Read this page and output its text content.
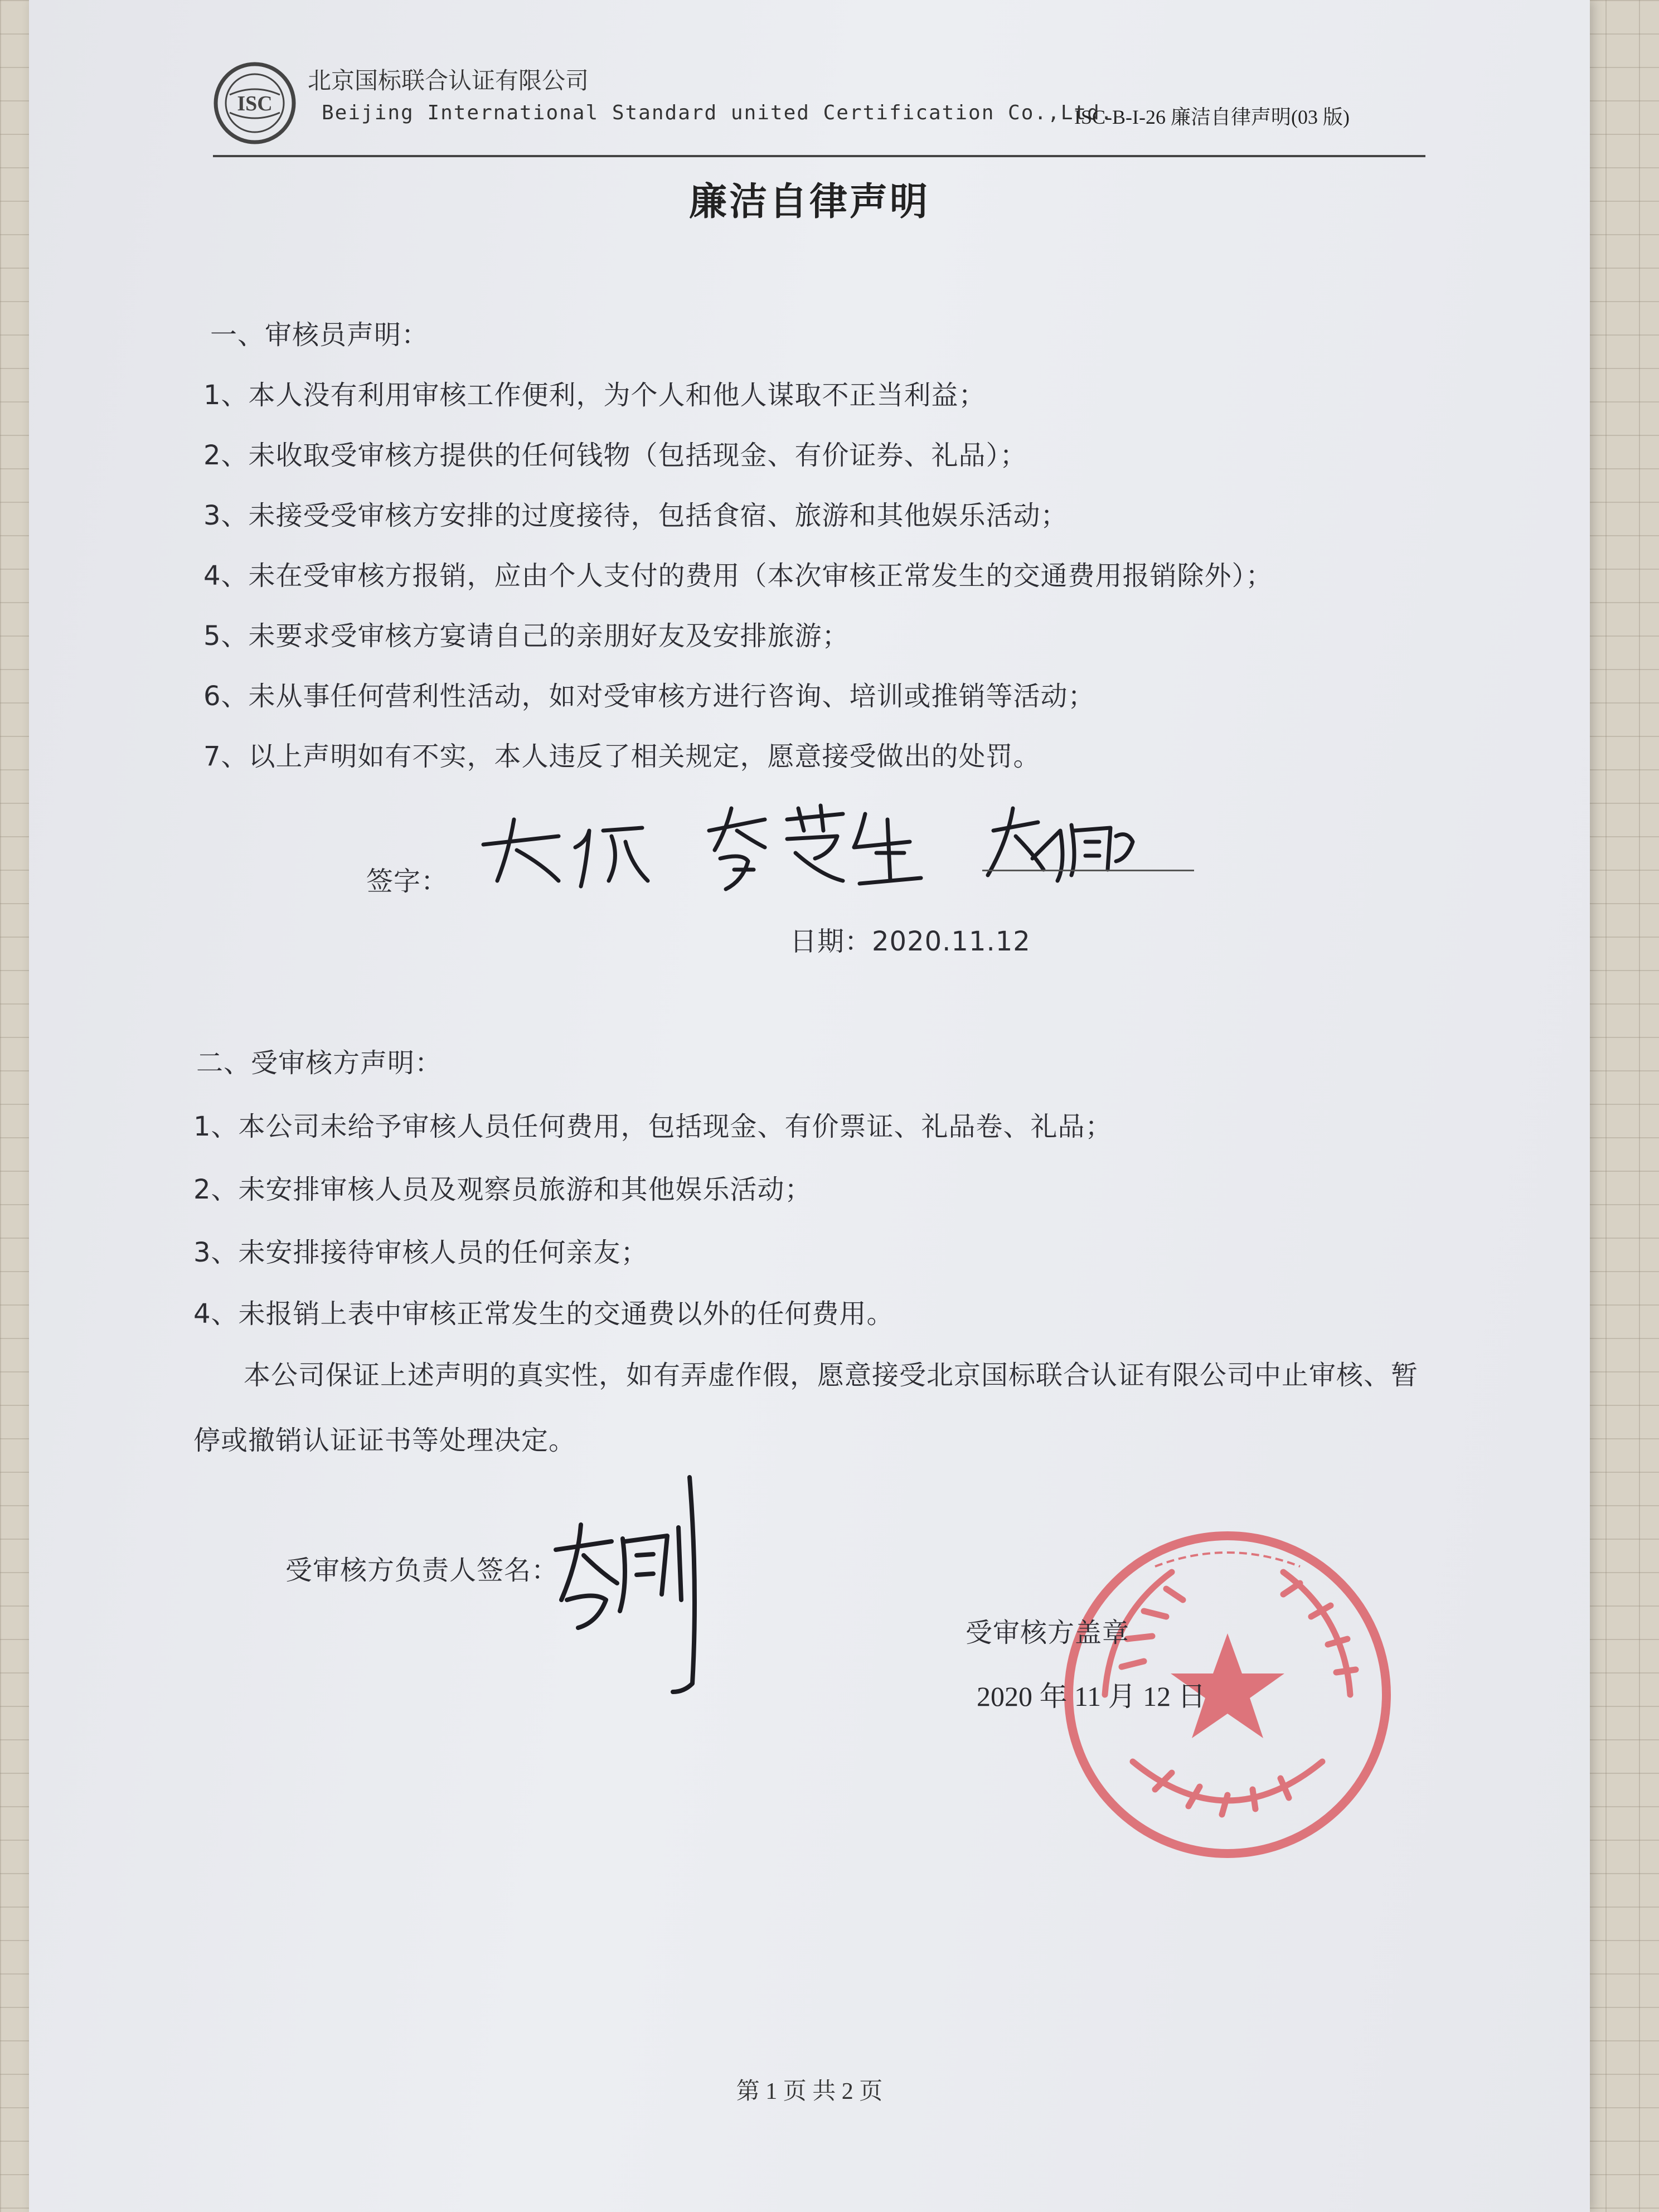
ISC
北京国标联合认证有限公司
Beijing International Standard united Certification Co.,Ltd.
ISC-B-I-26 廉洁自律声明(03 版)
廉洁自律声明
一、审核员声明：
1、本人没有利用审核工作便利，为个人和他人谋取不正当利益；
2、未收取受审核方提供的任何钱物（包括现金、有价证券、礼品）；
3、未接受受审核方安排的过度接待，包括食宿、旅游和其他娱乐活动；
4、未在受审核方报销，应由个人支付的费用（本次审核正常发生的交通费用报销除外）；
5、未要求受审核方宴请自己的亲朋好友及安排旅游；
6、未从事任何营利性活动，如对受审核方进行咨询、培训或推销等活动；
7、以上声明如有不实，本人违反了相关规定，愿意接受做出的处罚。
签字：
日期：2020.11.12
二、受审核方声明：
1、本公司未给予审核人员任何费用，包括现金、有价票证、礼品卷、礼品；
2、未安排审核人员及观察员旅游和其他娱乐活动；
3、未安排接待审核人员的任何亲友；
4、未报销上表中审核正常发生的交通费以外的任何费用。
本公司保证上述声明的真实性，如有弄虚作假，愿意接受北京国标联合认证有限公司中止审核、暂
停或撤销认证证书等处理决定。
受审核方负责人签名：
受审核方盖章
2020 年 11 月 12 日
第 1 页 共 2 页
